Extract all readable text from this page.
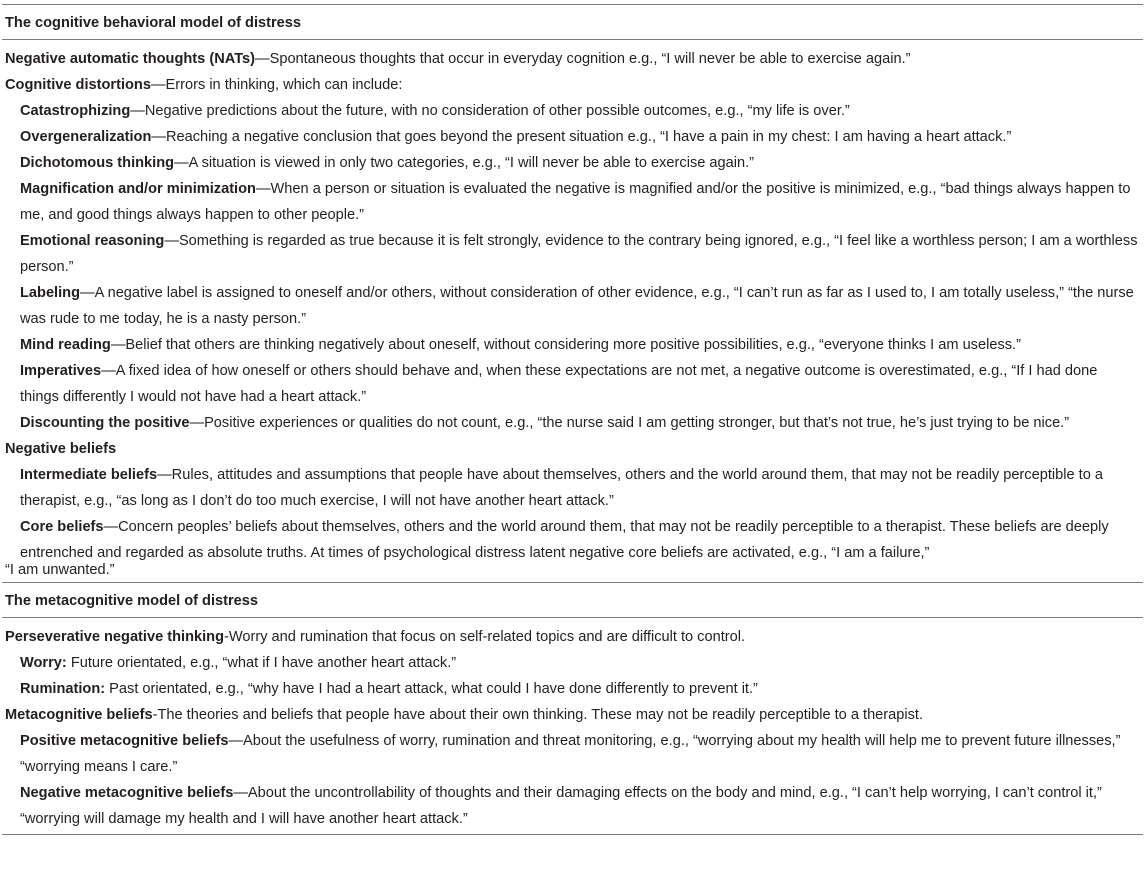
The cognitive behavioral model of distress
Negative automatic thoughts (NATs)—Spontaneous thoughts that occur in everyday cognition e.g., “I will never be able to exercise again.”
Cognitive distortions—Errors in thinking, which can include:
Catastrophizing—Negative predictions about the future, with no consideration of other possible outcomes, e.g., “my life is over.”
Overgeneralization—Reaching a negative conclusion that goes beyond the present situation e.g., “I have a pain in my chest: I am having a heart attack.”
Dichotomous thinking—A situation is viewed in only two categories, e.g., “I will never be able to exercise again.”
Magnification and/or minimization—When a person or situation is evaluated the negative is magnified and/or the positive is minimized, e.g., “bad things always happen to me, and good things always happen to other people.”
Emotional reasoning—Something is regarded as true because it is felt strongly, evidence to the contrary being ignored, e.g., “I feel like a worthless person; I am a worthless person.”
Labeling—A negative label is assigned to oneself and/or others, without consideration of other evidence, e.g., “I can’t run as far as I used to, I am totally useless,” “the nurse was rude to me today, he is a nasty person.”
Mind reading—Belief that others are thinking negatively about oneself, without considering more positive possibilities, e.g., “everyone thinks I am useless.”
Imperatives—A fixed idea of how oneself or others should behave and, when these expectations are not met, a negative outcome is overestimated, e.g., “If I had done things differently I would not have had a heart attack.”
Discounting the positive—Positive experiences or qualities do not count, e.g., “the nurse said I am getting stronger, but that’s not true, he’s just trying to be nice.”
Negative beliefs
Intermediate beliefs—Rules, attitudes and assumptions that people have about themselves, others and the world around them, that may not be readily perceptible to a therapist, e.g., “as long as I don’t do too much exercise, I will not have another heart attack.”
Core beliefs—Concern peoples’ beliefs about themselves, others and the world around them, that may not be readily perceptible to a therapist. These beliefs are deeply entrenched and regarded as absolute truths. At times of psychological distress latent negative core beliefs are activated, e.g., “I am a failure,”
“I am unwanted.”
The metacognitive model of distress
Perseverative negative thinking-Worry and rumination that focus on self-related topics and are difficult to control.
Worry: Future orientated, e.g., “what if I have another heart attack.”
Rumination: Past orientated, e.g., “why have I had a heart attack, what could I have done differently to prevent it.”
Metacognitive beliefs-The theories and beliefs that people have about their own thinking. These may not be readily perceptible to a therapist.
Positive metacognitive beliefs—About the usefulness of worry, rumination and threat monitoring, e.g., “worrying about my health will help me to prevent future illnesses,” “worrying means I care.”
Negative metacognitive beliefs—About the uncontrollability of thoughts and their damaging effects on the body and mind, e.g., “I can’t help worrying, I can’t control it,” “worrying will damage my health and I will have another heart attack.”
